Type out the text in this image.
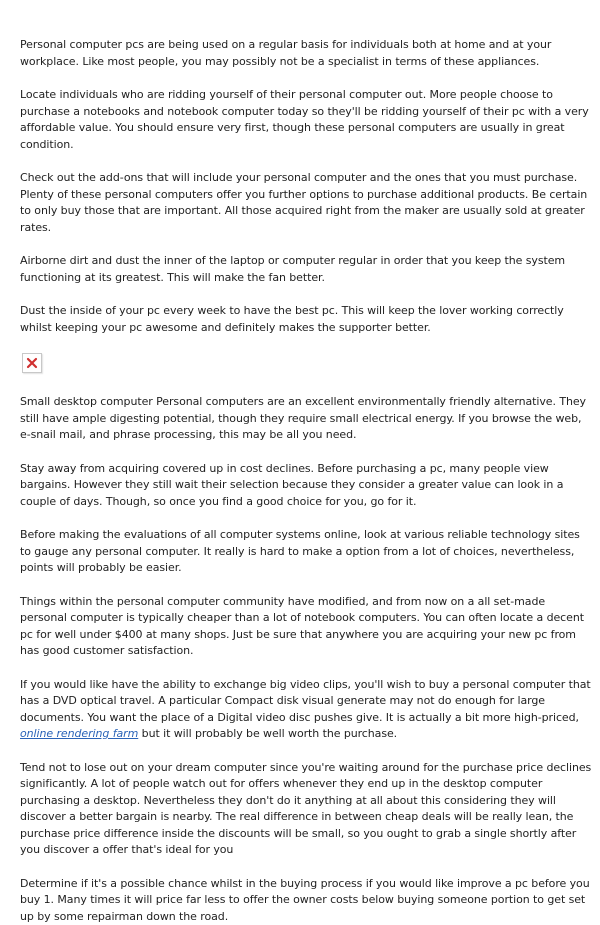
Personal computer pcs are being used on a regular basis for individuals both at home and at your workplace. Like most people, you may possibly not be a specialist in terms of these appliances.

Locate individuals who are ridding yourself of their personal computer out. More people choose to purchase a notebooks and notebook computer today so they'll be ridding yourself of their pc with a very affordable value. You should ensure very first, though these personal computers are usually in great condition.

Check out the add-ons that will include your personal computer and the ones that you must purchase. Plenty of these personal computers offer you further options to purchase additional products. Be certain to only buy those that are important. All those acquired right from the maker are usually sold at greater rates.

Airborne dirt and dust the inner of the laptop or computer regular in order that you keep the system functioning at its greatest. This will make the fan better.

Dust the inside of your pc every week to have the best pc. This will keep the lover working correctly whilst keeping your pc awesome and definitely makes the supporter better.

Small desktop computer Personal computers are an excellent environmentally friendly alternative. They still have ample digesting potential, though they require small electrical energy. If you browse the web, e-snail mail, and phrase processing, this may be all you need.

Stay away from acquiring covered up in cost declines. Before purchasing a pc, many people view bargains. However they still wait their selection because they consider a greater value can look in a couple of days. Though, so once you find a good choice for you, go for it.

Before making the evaluations of all computer systems online, look at various reliable technology sites to gauge any personal computer. It really is hard to make a option from a lot of choices, nevertheless, points will probably be easier.

Things within the personal computer community have modified, and from now on a all set-made personal computer is typically cheaper than a lot of notebook computers. You can often locate a decent pc for well under $400 at many shops. Just be sure that anywhere you are acquiring your new pc from has good customer satisfaction.

If you would like have the ability to exchange big video clips, you'll wish to buy a personal computer that has a DVD optical travel. A particular Compact disk visual generate may not do enough for large documents. You want the place of a Digital video disc pushes give. It is actually a bit more high-priced, online rendering farm but it will probably be well worth the purchase.

Tend not to lose out on your dream computer since you're waiting around for the purchase price declines significantly. A lot of people watch out for offers whenever they end up in the desktop computer purchasing a desktop. Nevertheless they don't do it anything at all about this considering they will discover a better bargain is nearby. The real difference in between cheap deals will be really lean, the purchase price difference inside the discounts will be small, so you ought to grab a single shortly after you discover a offer that's ideal for you

Determine if it's a possible chance whilst in the buying process if you would like improve a pc before you buy 1. Many times it will price far less to offer the owner costs below buying someone portion to get set up by some repairman down the road.
